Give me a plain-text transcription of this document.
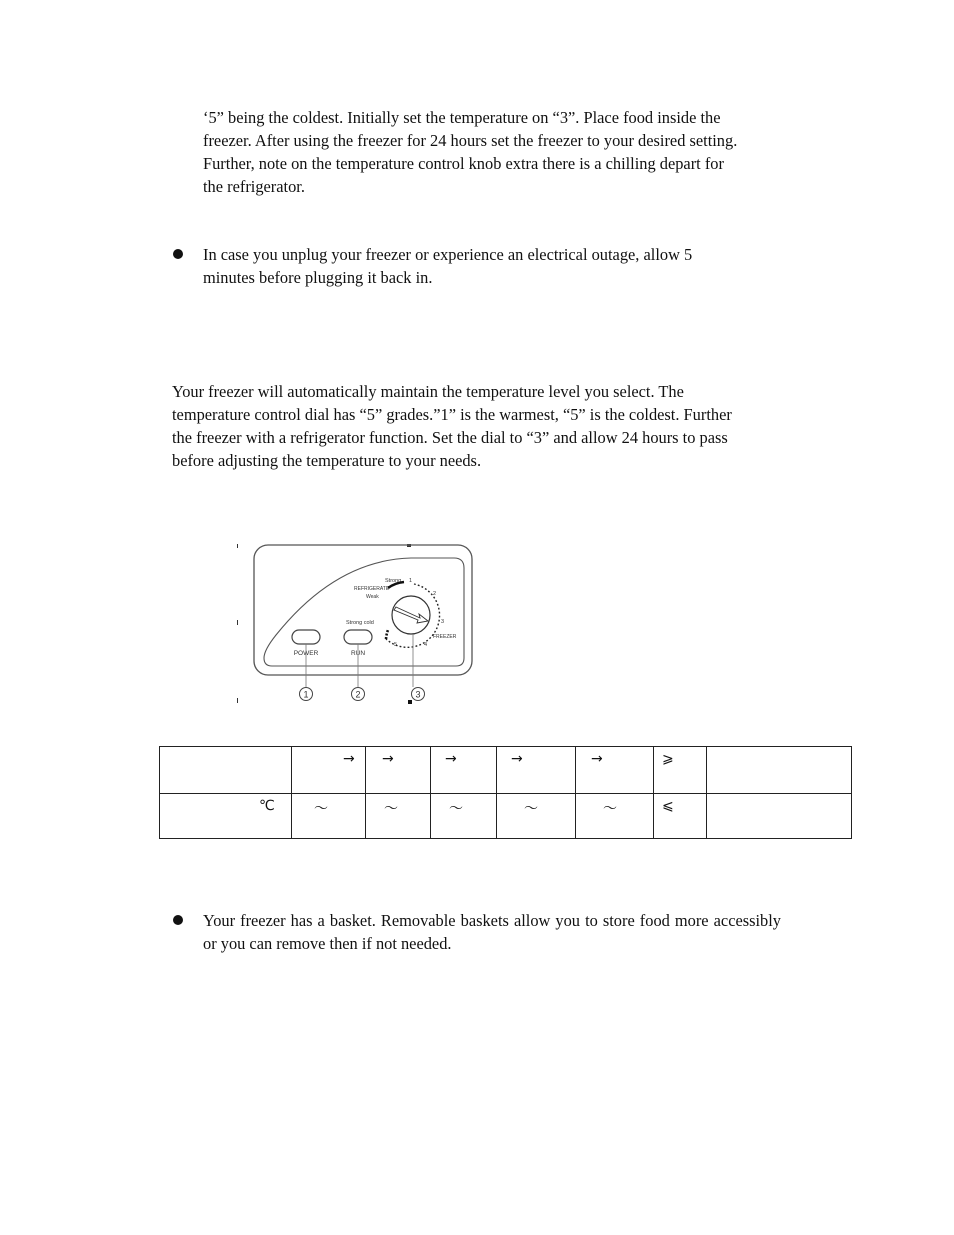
‘5” being the coldest. Initially set the temperature on “3”. Place food inside the
freezer. After using the freezer for 24 hours set the freezer to your desired setting.
Further, note on the temperature control knob extra there is a chilling depart for
the refrigerator.
In case you unplug your freezer or experience an electrical outage, allow 5
minutes before plugging it back in.
Your freezer will automatically maintain the temperature level you select. The
temperature control dial has “5” grades.”1” is the warmest, “5” is the coldest. Further
the freezer with a refrigerator function. Set the dial to “3” and allow 24 hours to pass
before adjusting the temperature to your needs.
POWER	RUN
Strong
REFRIGERATE
Weak
Strong cold
FREEZER
1
2
3
4
5
1	2	3

	→	→	→	→	→	⩾	

℃	～	～	～	～	～	⩽	

Your freezer has a basket. Removable baskets allow you to store food more accessibly or you can remove then if not needed.
